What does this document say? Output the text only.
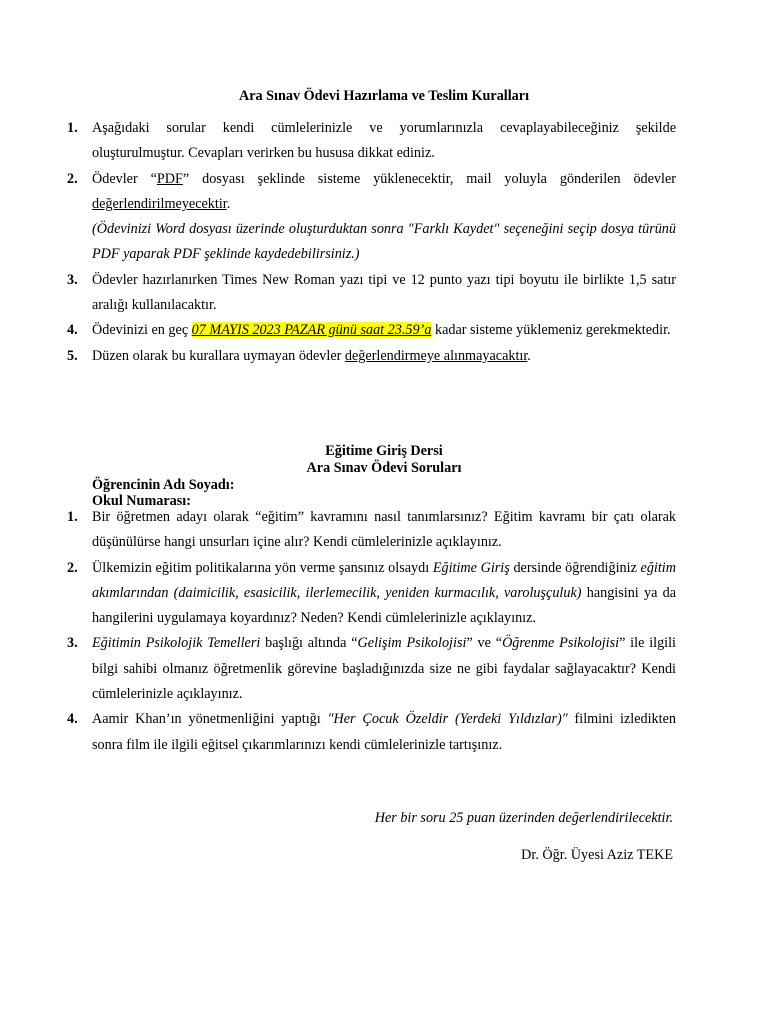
Ara Sınav Ödevi Hazırlama ve Teslim Kuralları
1. Aşağıdaki sorular kendi cümlelerinizle ve yorumlarınızla cevaplayabileceğiniz şekilde oluşturulmuştur. Cevapları verirken bu hususa dikkat ediniz.
2. Ödevler “PDF” dosyası şeklinde sisteme yüklenecektir, mail yoluyla gönderilen ödevler değerlendirilmeyecektir.
(Ödevinizi Word dosyası üzerinde oluşturduktan sonra ″Farklı Kaydet″ seçeneğini seçip dosya türünü PDF yaparak PDF şeklinde kaydedebilirsiniz.)
3. Ödevler hazırlanırken Times New Roman yazı tipi ve 12 punto yazı tipi boyutu ile birlikte 1,5 satır aralığı kullanılacaktır.
4. Ödevinizi en geç 07 MAYIS 2023 PAZAR günü saat 23.59’a kadar sisteme yüklemeniz gerekmektedir.
5. Düzen olarak bu kurallara uymayan ödevler değerlendirmeye alınmayacaktır.
Eğitime Giriş Dersi
Ara Sınav Ödevi Soruları
Öğrencinin Adı Soyadı:
Okul Numarası:
1. Bir öğretmen adayı olarak “eğitim” kavramını nasıl tanımlarsınız? Eğitim kavramı bir çatı olarak düşünülürse hangi unsurları içine alır? Kendi cümlelerinizle açıklayınız.
2. Ülkemizin eğitim politikalarına yön verme şansınız olsaydı Eğitime Giriş dersinde öğrendiğiniz eğitim akımlarından (daimicilik, esasicilik, ilerlemecilik, yeniden kurmacılık, varoluşçuluk) hangisini ya da hangilerini uygulamaya koyardınız? Neden? Kendi cümlelerinizle açıklayınız.
3. Eğitimin Psikolojik Temelleri başlığı altında “Gelişim Psikolojisi” ve “Öğrenme Psikolojisi” ile ilgili bilgi sahibi olmanız öğretmenlik görevine başladığınızda size ne gibi faydalar sağlayacaktır? Kendi cümlelerinizle açıklayınız.
4. Aamir Khan’ın yönetmenliğini yaptığı ″Her Çocuk Özeldir (Yerdeki Yıldızlar)″ filmini izledikten sonra film ile ilgili eğitsel çıkarımlarınızı kendi cümlelerinizle tartışınız.
Her bir soru 25 puan üzerinden değerlendirilecektir.
Dr. Öğr. Üyesi Aziz TEKE
